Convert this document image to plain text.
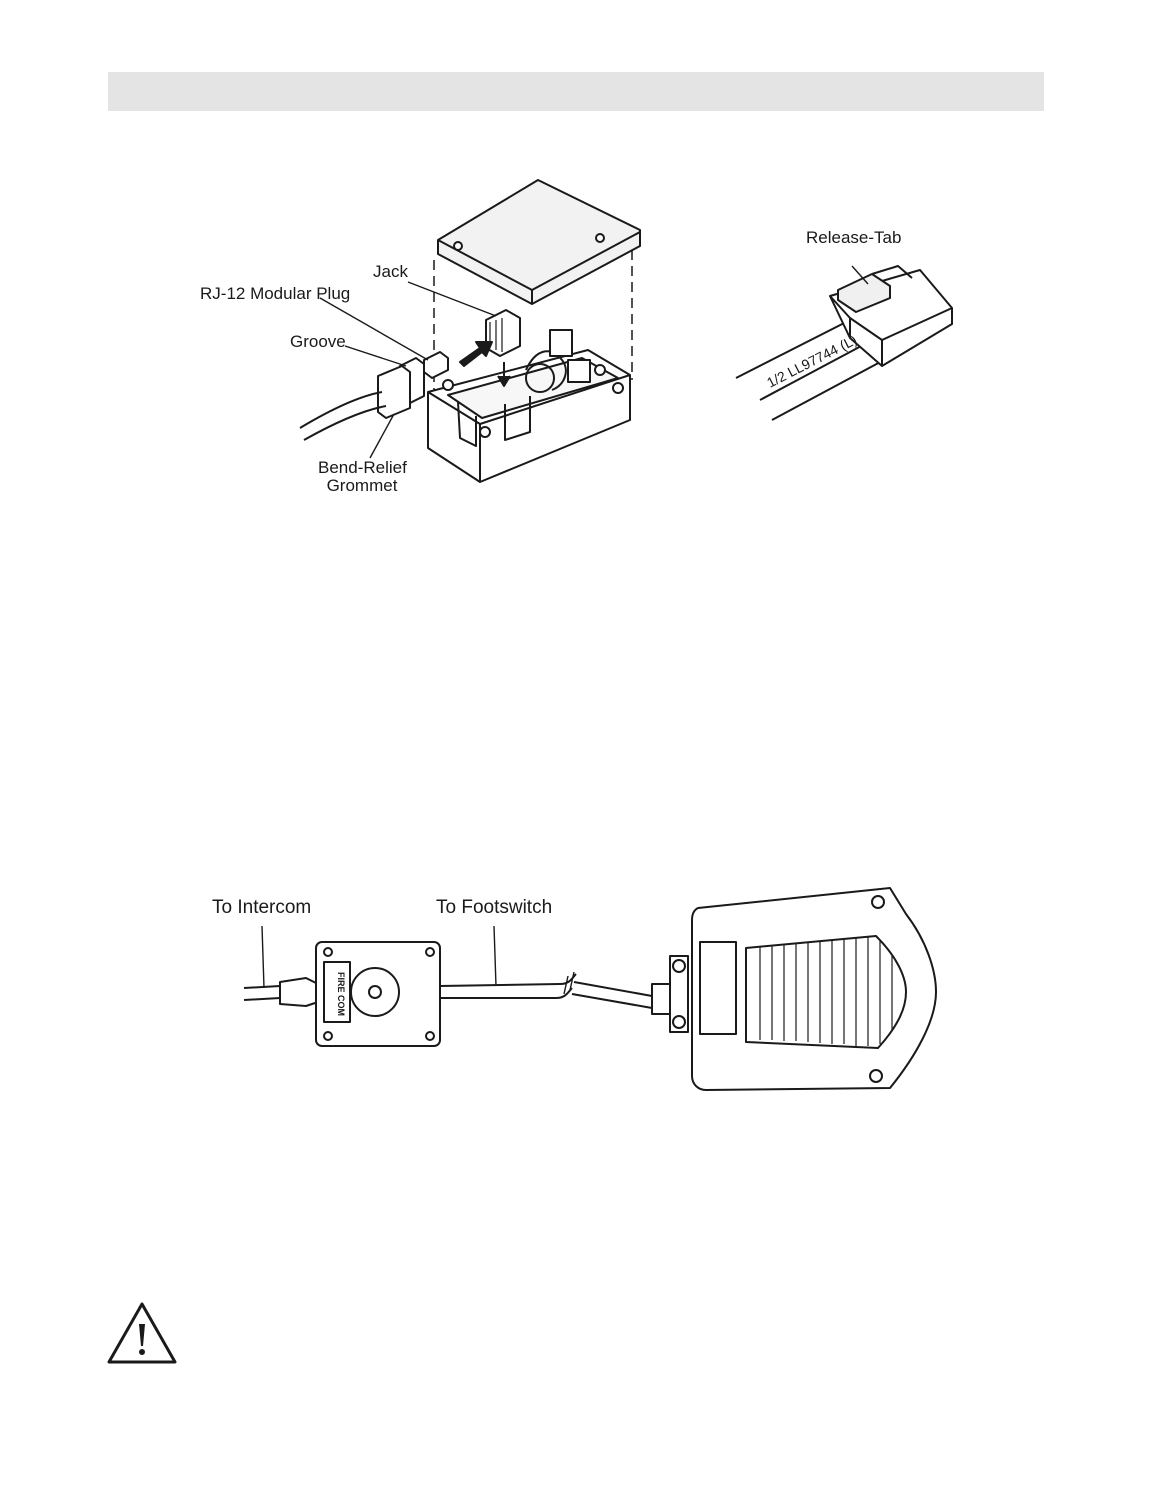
Jack
RJ-12 Modular Plug
Groove
Bend-Relief
Grommet
1/2 LL97744 (L)
Release-Tab
FIRE COM
To Intercom	To Footswitch
